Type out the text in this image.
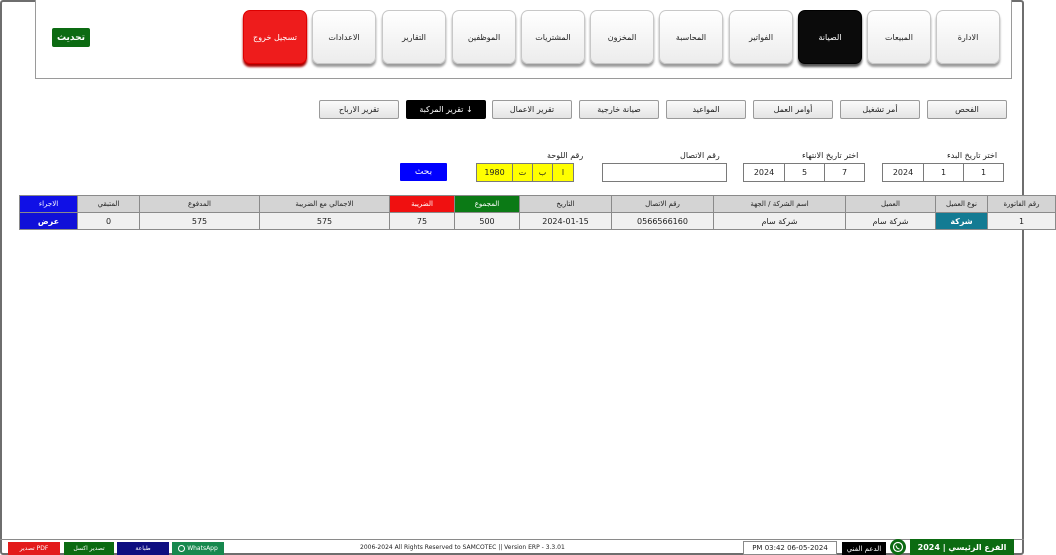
الادارة
المبيعات
الصيانة
الفواتير
المحاسبة
المخزون
المشتريات
الموظفين
التقارير
الاعدادات
تسجيل خروج
تحديث
الفحص
أمر تشغيل
أوامر العمل
المواعيد
صيانة خارجية
تقرير الاعمال
تقرير المركبة ↓
تقرير الارباح
اختر تاريخ البدء
2024	1	1
اختر تاريخ الانتهاء
2024	5	7
رقم الاتصال
رقم اللوحة
1980	ت	ب	ا
بحث
الاجراء	المتبقي	المدفوع	الاجمالي مع الضريبة	الضريبة	المجموع	التاريخ	رقم الاتصال	اسم الشركة / الجهة	العميل	نوع العميل	رقم الفاتورة
عرض	0	575	575	75	500	2024-01-15	0566566160	شركة سام	شركة سام	شركة	1
تصدير PDF	تصدير اكسل	طباعة	WhatsApp	2006-2024 All Rights Reserved to SAMCOTEC || Version ERP - 3.3.01	PM 03:42 06-05-2024	الدعم الفني	الفرع الرئيسي | 2024
